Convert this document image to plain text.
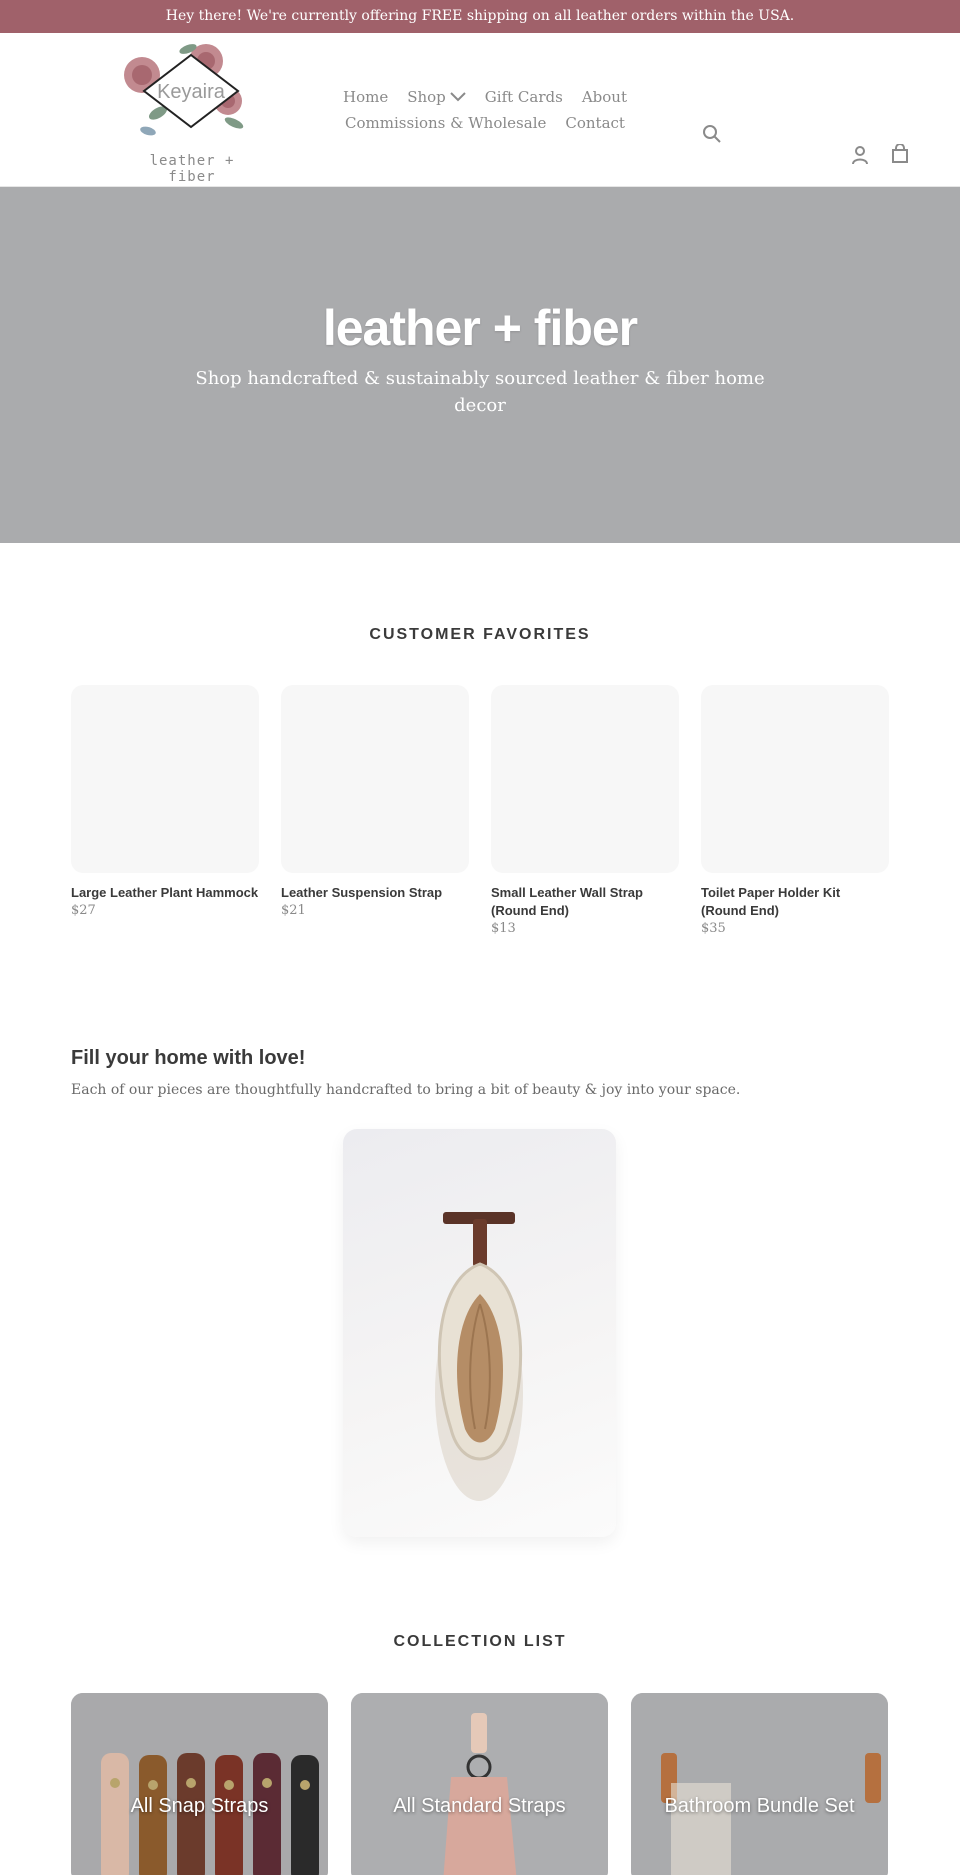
Hey there! We're currently offering FREE shipping on all leather orders within the USA.
Keyaira
leather + fiber
Home Shop	Gift Cards About
Commissions & Wholesale Contact
leather + fiber
Shop handcrafted & sustainably sourced leather & fiber home decor
CUSTOMER FAVORITES
Large Leather Plant Hammock
$27
Leather Suspension Strap
$21
Small Leather Wall Strap (Round End)
$13
Toilet Paper Holder Kit (Round End)
$35
Fill your home with love!
Each of our pieces are thoughtfully handcrafted to bring a bit of beauty & joy into your space.
COLLECTION LIST
All Snap Straps	All Standard Straps	Bathroom Bundle Set
